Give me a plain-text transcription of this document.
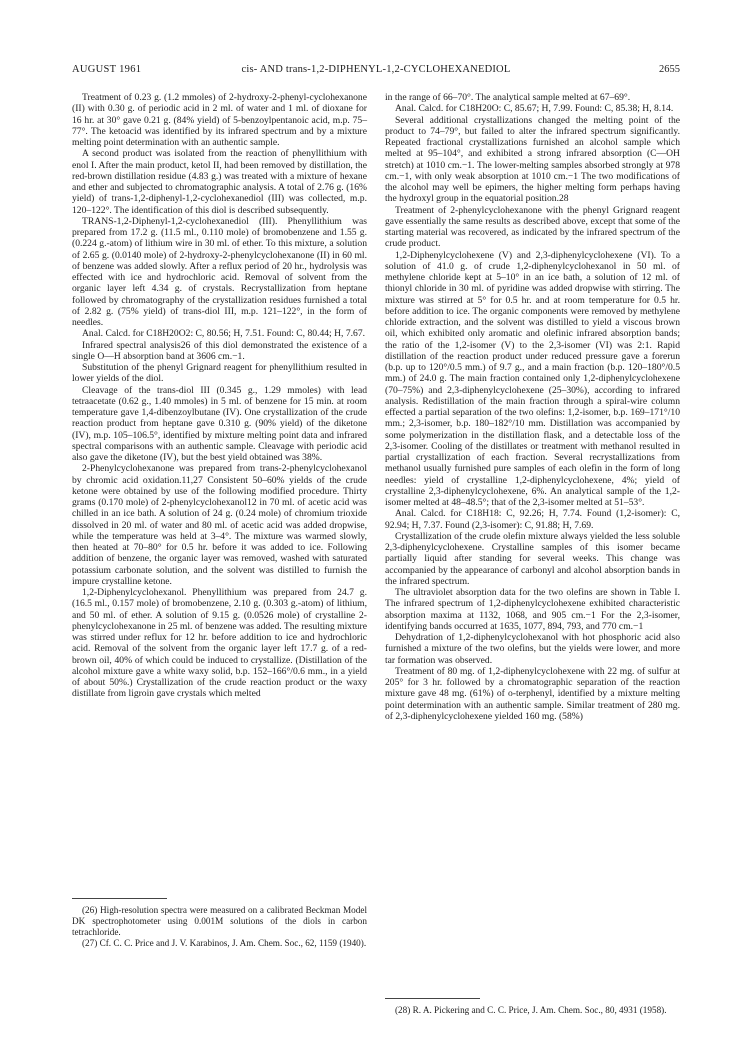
AUGUST 1961	cis- AND trans-1,2-DIPHENYL-1,2-CYCLOHEXANEDIOL	2655

Treatment of 0.23 g. (1.2 mmoles) of 2-hydroxy-2-phenyl-cyclohexanone (II) with 0.30 g. of periodic acid in 2 ml. of water and 1 ml. of dioxane for 16 hr. at 30° gave 0.21 g. (84% yield) of 5-benzoylpentanoic acid, m.p. 75–77°. The ketoacid was identified by its infrared spectrum and by a mixture melting point determination with an authentic sample.

A second product was isolated from the reaction of phenyllithium with enol I. After the main product, ketol II, had been removed by distillation, the red-brown distillation residue (4.83 g.) was treated with a mixture of hexane and ether and subjected to chromatographic analysis. A total of 2.76 g. (16% yield) of trans-1,2-diphenyl-1,2-cyclohexanediol (III) was collected, m.p. 120–122°. The identification of this diol is described subsequently.

TRANS-1,2-Diphenyl-1,2-cyclohexanediol (III). Phenyllithium was prepared from 17.2 g. (11.5 ml., 0.110 mole) of bromobenzene and 1.55 g. (0.224 g.-atom) of lithium wire in 30 ml. of ether. To this mixture, a solution of 2.65 g. (0.0140 mole) of 2-hydroxy-2-phenylcyclohexanone (II) in 60 ml. of benzene was added slowly. After a reflux period of 20 hr., hydrolysis was effected with ice and hydrochloric acid. Removal of solvent from the organic layer left 4.34 g. of crystals. Recrystallization from heptane followed by chromatography of the crystallization residues furnished a total of 2.82 g. (75% yield) of trans-diol III, m.p. 121–122°, in the form of needles.

Anal. Calcd. for C18H20O2: C, 80.56; H, 7.51. Found: C, 80.44; H, 7.67.

Infrared spectral analysis26 of this diol demonstrated the existence of a single O—H absorption band at 3606 cm.−1.

Substitution of the phenyl Grignard reagent for phenyllithium resulted in lower yields of the diol.

Cleavage of the trans-diol III (0.345 g., 1.29 mmoles) with lead tetraacetate (0.62 g., 1.40 mmoles) in 5 ml. of benzene for 15 min. at room temperature gave 1,4-dibenzoylbutane (IV). One crystallization of the crude reaction product from heptane gave 0.310 g. (90% yield) of the diketone (IV), m.p. 105–106.5°, identified by mixture melting point data and infrared spectral comparisons with an authentic sample. Cleavage with periodic acid also gave the diketone (IV), but the best yield obtained was 38%.

2-Phenylcyclohexanone was prepared from trans-2-phenylcyclohexanol by chromic acid oxidation.11,27 Consistent 50–60% yields of the crude ketone were obtained by use of the following modified procedure. Thirty grams (0.170 mole) of 2-phenylcyclohexanol12 in 70 ml. of acetic acid was chilled in an ice bath. A solution of 24 g. (0.24 mole) of chromium trioxide dissolved in 20 ml. of water and 80 ml. of acetic acid was added dropwise, while the temperature was held at 3–4°. The mixture was warmed slowly, then heated at 70–80° for 0.5 hr. before it was added to ice. Following addition of benzene, the organic layer was removed, washed with saturated potassium carbonate solution, and the solvent was distilled to furnish the impure crystalline ketone.

1,2-Diphenylcyclohexanol. Phenyllithium was prepared from 24.7 g. (16.5 ml., 0.157 mole) of bromobenzene, 2.10 g. (0.303 g.-atom) of lithium, and 50 ml. of ether. A solution of 9.15 g. (0.0526 mole) of crystalline 2-phenylcyclohexanone in 25 ml. of benzene was added. The resulting mixture was stirred under reflux for 12 hr. before addition to ice and hydrochloric acid. Removal of the solvent from the organic layer left 17.7 g. of a red-brown oil, 40% of which could be induced to crystallize. (Distillation of the alcohol mixture gave a white waxy solid, b.p. 152–166°/0.6 mm., in a yield of about 50%.) Crystallization of the crude reaction product or the waxy distillate from ligroin gave crystals which melted

in the range of 66–70°. The analytical sample melted at 67–69°.

Anal. Calcd. for C18H20O: C, 85.67; H, 7.99. Found: C, 85.38; H, 8.14.

Several additional crystallizations changed the melting point of the product to 74–79°, but failed to alter the infrared spectrum significantly. Repeated fractional crystallizations furnished an alcohol sample which melted at 95–104°, and exhibited a strong infrared absorption (C—OH stretch) at 1010 cm.−1. The lower-melting samples absorbed strongly at 978 cm.−1, with only weak absorption at 1010 cm.−1 The two modifications of the alcohol may well be epimers, the higher melting form perhaps having the hydroxyl group in the equatorial position.28

Treatment of 2-phenylcyclohexanone with the phenyl Grignard reagent gave essentially the same results as described above, except that some of the starting material was recovered, as indicated by the infrared spectrum of the crude product.

1,2-Diphenylcyclohexene (V) and 2,3-diphenylcyclohexene (VI). To a solution of 41.0 g. of crude 1,2-diphenylcyclohexanol in 50 ml. of methylene chloride kept at 5–10° in an ice bath, a solution of 12 ml. of thionyl chloride in 30 ml. of pyridine was added dropwise with stirring. The mixture was stirred at 5° for 0.5 hr. and at room temperature for 0.5 hr. before addition to ice. The organic components were removed by methylene chloride extraction, and the solvent was distilled to yield a viscous brown oil, which exhibited only aromatic and olefinic infrared absorption bands; the ratio of the 1,2-isomer (V) to the 2,3-isomer (VI) was 2:1. Rapid distillation of the reaction product under reduced pressure gave a forerun (b.p. up to 120°/0.5 mm.) of 9.7 g., and a main fraction (b.p. 120–180°/0.5 mm.) of 24.0 g. The main fraction contained only 1,2-diphenylcyclohexene (70–75%) and 2,3-diphenylcyclohexene (25–30%), according to infrared analysis. Redistillation of the main fraction through a spiral-wire column effected a partial separation of the two olefins: 1,2-isomer, b.p. 169–171°/10 mm.; 2,3-isomer, b.p. 180–182°/10 mm. Distillation was accompanied by some polymerization in the distillation flask, and a detectable loss of the 2,3-isomer. Cooling of the distillates or treatment with methanol resulted in partial crystallization of each fraction. Several recrystallizations from methanol usually furnished pure samples of each olefin in the form of long needles: yield of crystalline 1,2-diphenylcyclohexene, 4%; yield of crystalline 2,3-diphenylcyclohexene, 6%. An analytical sample of the 1,2-isomer melted at 48–48.5°; that of the 2,3-isomer melted at 51–53°.

Anal. Calcd. for C18H18: C, 92.26; H, 7.74. Found (1,2-isomer): C, 92.94; H, 7.37. Found (2,3-isomer): C, 91.88; H, 7.69.

Crystallization of the crude olefin mixture always yielded the less soluble 2,3-diphenylcyclohexene. Crystalline samples of this isomer became partially liquid after standing for several weeks. This change was accompanied by the appearance of carbonyl and alcohol absorption bands in the infrared spectrum.

The ultraviolet absorption data for the two olefins are shown in Table I. The infrared spectrum of 1,2-diphenylcyclohexene exhibited characteristic absorption maxima at 1132, 1068, and 905 cm.−1 For the 2,3-isomer, identifying bands occurred at 1635, 1077, 894, 793, and 770 cm.−1

Dehydration of 1,2-diphenylcyclohexanol with hot phosphoric acid also furnished a mixture of the two olefins, but the yields were lower, and more tar formation was observed.

Treatment of 80 mg. of 1,2-diphenylcyclohexene with 22 mg. of sulfur at 205° for 3 hr. followed by a chromatographic separation of the reaction mixture gave 48 mg. (61%) of o-terphenyl, identified by a mixture melting point determination with an authentic sample. Similar treatment of 280 mg. of 2,3-diphenylcyclohexene yielded 160 mg. (58%)

(26) High-resolution spectra were measured on a calibrated Beckman Model DK spectrophotometer using 0.001M solutions of the diols in carbon tetrachloride.

(27) Cf. C. C. Price and J. V. Karabinos, J. Am. Chem. Soc., 62, 1159 (1940).

(28) R. A. Pickering and C. C. Price, J. Am. Chem. Soc., 80, 4931 (1958).
